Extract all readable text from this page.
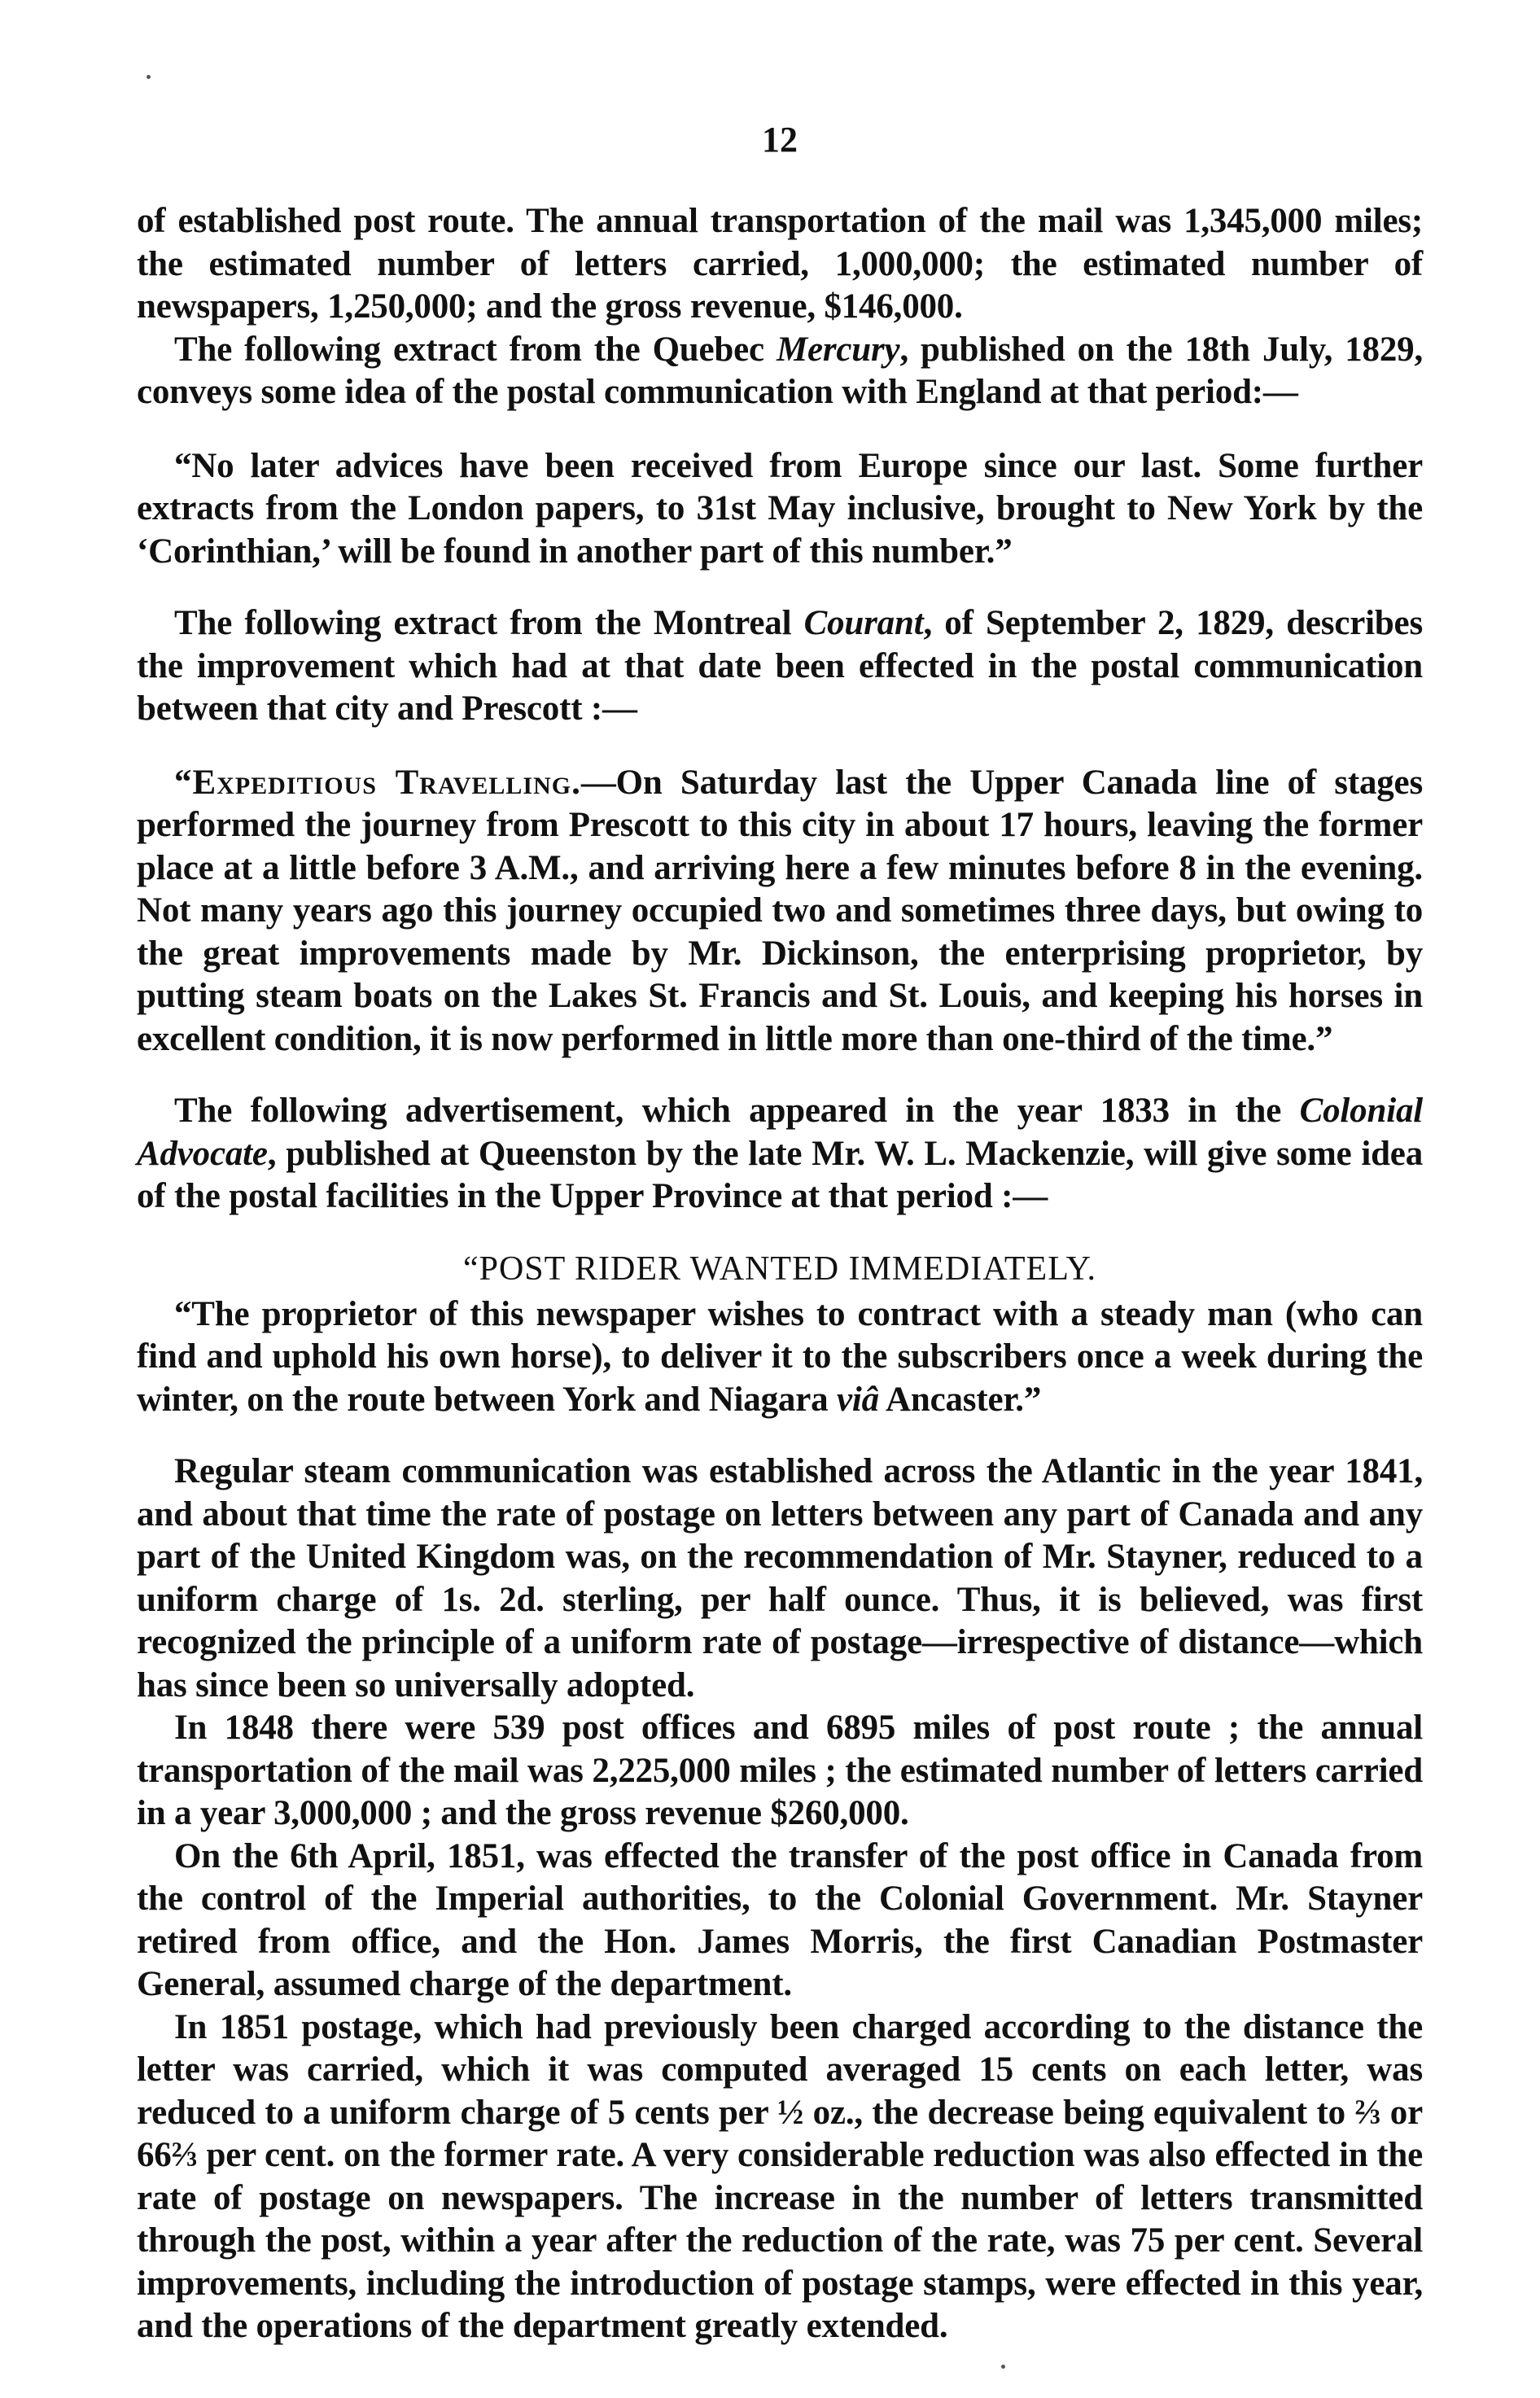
12

of established post route. The annual transportation of the mail was 1,345,000 miles; the estimated number of letters carried, 1,000,000; the estimated number of newspapers, 1,250,000; and the gross revenue, $146,000.

The following extract from the Quebec Mercury, published on the 18th July, 1829, conveys some idea of the postal communication with England at that period:—

“No later advices have been received from Europe since our last. Some further extracts from the London papers, to 31st May inclusive, brought to New York by the ‘Corinthian,’ will be found in another part of this number.”

The following extract from the Montreal Courant, of September 2, 1829, describes the improvement which had at that date been effected in the postal communication between that city and Prescott :—

“Expeditious Travelling.—On Saturday last the Upper Canada line of stages performed the journey from Prescott to this city in about 17 hours, leaving the former place at a little before 3 A.M., and arriving here a few minutes before 8 in the evening. Not many years ago this journey occupied two and sometimes three days, but owing to the great improvements made by Mr. Dickinson, the enterprising proprietor, by putting steam boats on the Lakes St. Francis and St. Louis, and keeping his horses in excellent condition, it is now performed in little more than one-third of the time.”

The following advertisement, which appeared in the year 1833 in the Colonial Advocate, published at Queenston by the late Mr. W. L. Mackenzie, will give some idea of the postal facilities in the Upper Province at that period :—

“POST RIDER WANTED IMMEDIATELY.

“The proprietor of this newspaper wishes to contract with a steady man (who can find and uphold his own horse), to deliver it to the subscribers once a week during the winter, on the route between York and Niagara viâ Ancaster.”

Regular steam communication was established across the Atlantic in the year 1841, and about that time the rate of postage on letters between any part of Canada and any part of the United Kingdom was, on the recommendation of Mr. Stayner, reduced to a uniform charge of 1s. 2d. sterling, per half ounce. Thus, it is believed, was first recognized the principle of a uniform rate of postage—irrespective of distance—which has since been so universally adopted.

In 1848 there were 539 post offices and 6895 miles of post route ; the annual transportation of the mail was 2,225,000 miles ; the estimated number of letters carried in a year 3,000,000 ; and the gross revenue $260,000.

On the 6th April, 1851, was effected the transfer of the post office in Canada from the control of the Imperial authorities, to the Colonial Government. Mr. Stayner retired from office, and the Hon. James Morris, the first Canadian Postmaster General, assumed charge of the department.

In 1851 postage, which had previously been charged according to the distance the letter was carried, which it was computed averaged 15 cents on each letter, was reduced to a uniform charge of 5 cents per ½ oz., the decrease being equivalent to ⅔ or 66⅔ per cent. on the former rate. A very considerable reduction was also effected in the rate of postage on newspapers. The increase in the number of letters transmitted through the post, within a year after the reduction of the rate, was 75 per cent. Several improvements, including the introduction of postage stamps, were effected in this year, and the operations of the department greatly extended.
